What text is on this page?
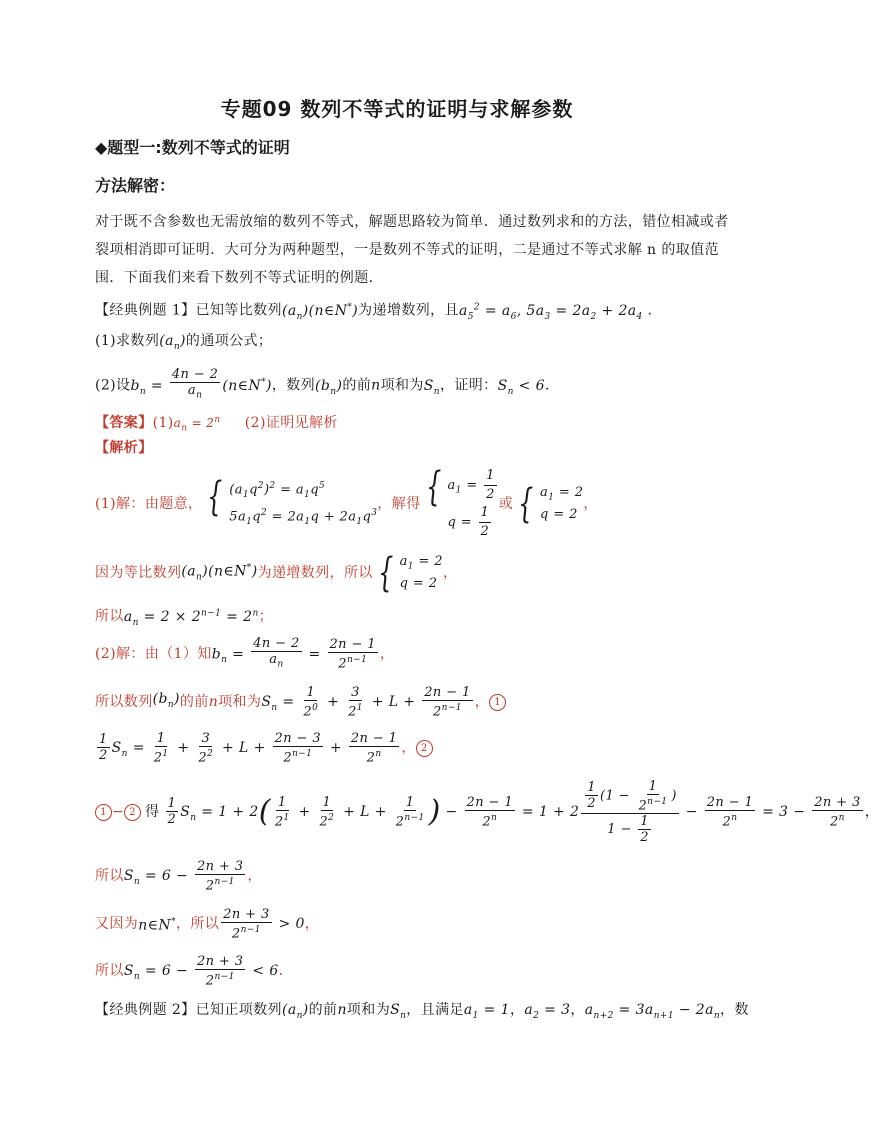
专题09 数列不等式的证明与求解参数
◆题型一:数列不等式的证明
方法解密：
对于既不含参数也无需放缩的数列不等式，解题思路较为简单．通过数列求和的方法，错位相减或者
裂项相消即可证明．大可分为两种题型，一是数列不等式的证明，二是通过不等式求解 n 的取值范
围．下面我们来看下数列不等式证明的例题．
【经典例题 1】已知等比数列$(a_n)(n\in N^*)$为递增数列，且$a_5^2 = a_6$, $5a_3 = 2a_2 + 2a_4$ .
(1)求数列$(a_n)$的通项公式；
(2)设$b_n = \frac{4n - 2}{a_n}$ (n∈N*)，数列$(b_n)$的前n项和为$S_n$，证明：$S_n < 6$．
【答案】$(1)a_n = 2^n$ (2)证明见解析
【解析】
(1)解：由题意， { $(a_1q^2)^2 = a_1q^5$
$5a_1q^2 = 2a_1q + 2a_1q^3$
，解得 { $a_1 = \frac{1}{2}$
$q = \frac{1}{2}$ 或 { $a_1 = 2$
q = 2
，
因为等比数列 $(a_n)(n\in N^*)$ 为递增数列，所以 { $a_1 = 2$
q = 2
，
所以$a_n = 2 \times 2^{n-1} = 2^n$；
(2)解：由（1）知 $b_n = \frac{4n - 2}{a_n} = \frac{2n - 1}{2^{n-1}}$ ，
所以数列 $(b_n)$ 的前 n 项和为 $S_n = \frac{1}{2^0} + \frac{3}{2^1} + L + \frac{2n - 1}{2^{n-1}}$ ， 1
$\frac{1}{2} S_n = \frac{1}{2^1} + \frac{3}{2^2} + L + \frac{2n - 3}{2^{n-1}} + \frac{2n - 1}{2^n}$ ， 2
1 − 2 得 $\frac{1}{2} S_n = 1 + 2( \frac{1}{2^1} + \frac{1}{2^2} + L + \frac{1}{2^{n-1}}$ ) − $\frac{2n - 1}{2^n} = 1 + 2 \frac{\frac{1}{2} (1 - \frac{1}{2^{n-1}} )}{1 - \frac{1}{2}} - \frac{2n - 1}{2^n} = 3 - \frac{2n + 3}{2^n}$ ，
所以 $S_n = 6 - \frac{2n + 3}{2^{n-1}}$ ，
又因为 n∈N* ，所以 $\frac{2n + 3}{2^{n-1}} > 0$ ，
所以 $S_n = 6 - \frac{2n + 3}{2^{n-1}} < 6$ ．
【经典例题 2】已知正项数列$(a_n)$的前n项和为$S_n$，且满足$a_1 = 1$，$a_2 = 3$，$a_{n+2} = 3a_{n+1} - 2a_n$，数
